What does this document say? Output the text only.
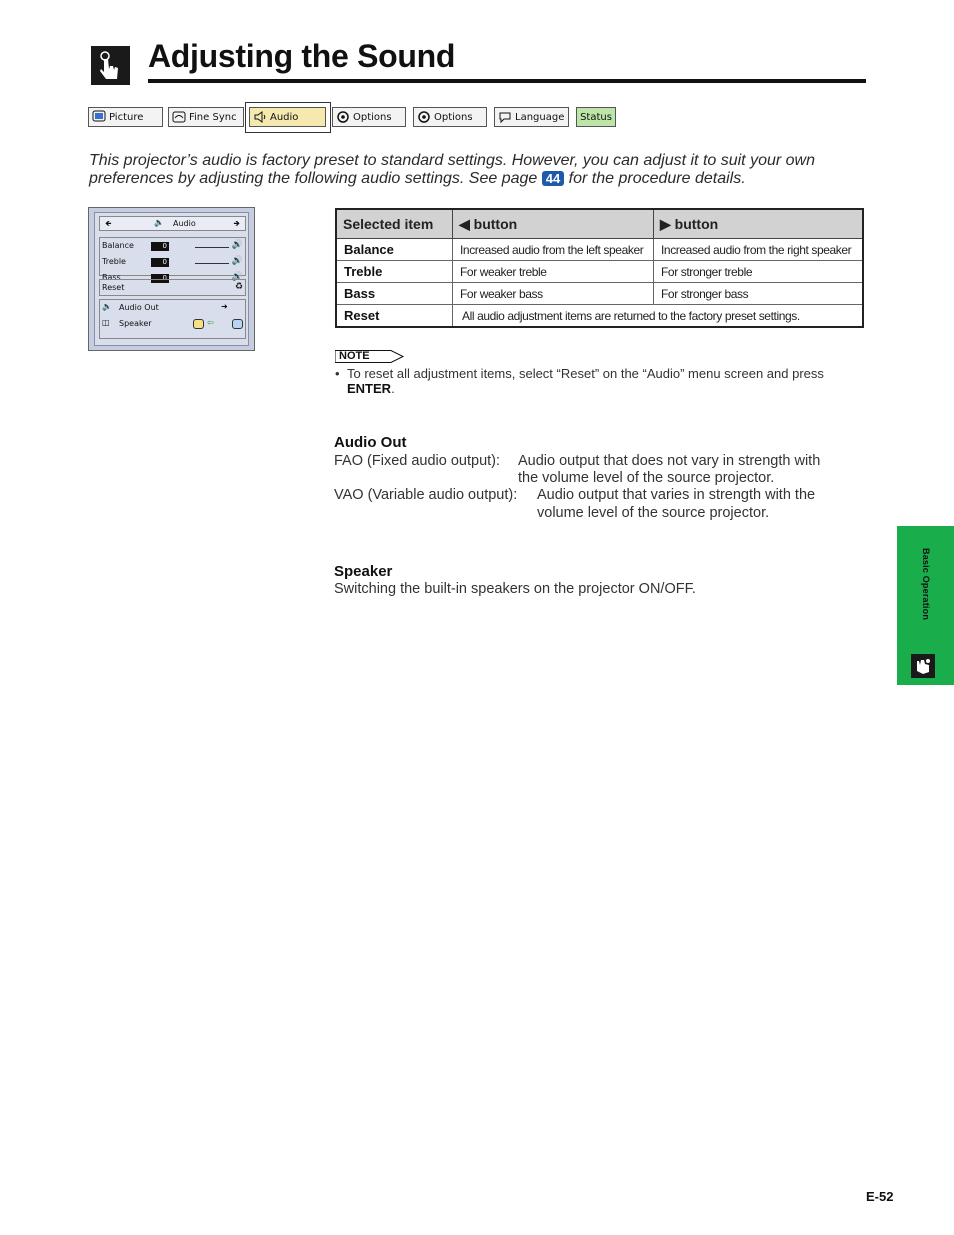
Adjusting the Sound
Picture	Fine Sync	Audio	Options	Options	Language Status
This projector’s audio is factory preset to standard settings. However, you can adjust it to suit your own preferences by adjusting the following audio settings. See page 44 for the procedure details.
🡸	🔈 Audio	🡺
Balance	0	🔊
Treble	0	🔊
Bass	0	🔊
Reset	♻
🔈 Audio Out	➜
◫ Speaker	⇦
Selected item	◀ button	▶ button
Balance	Increased audio from the left speaker	Increased audio from the right speaker
Treble	For weaker treble	For stronger treble
Bass	For weaker bass	For stronger bass
Reset	All audio adjustment items are returned to the factory preset settings.	
NOTE
• To reset all adjustment items, select “Reset” on the “Audio” menu screen and press ENTER.
Audio Out
FAO (Fixed audio output): Audio output that does not vary in strength with
the volume level of the source projector.
VAO (Variable audio output): Audio output that varies in strength with the
volume level of the source projector.
Speaker
Switching the built-in speakers on the projector ON/OFF.	Basic Operation
E-52
